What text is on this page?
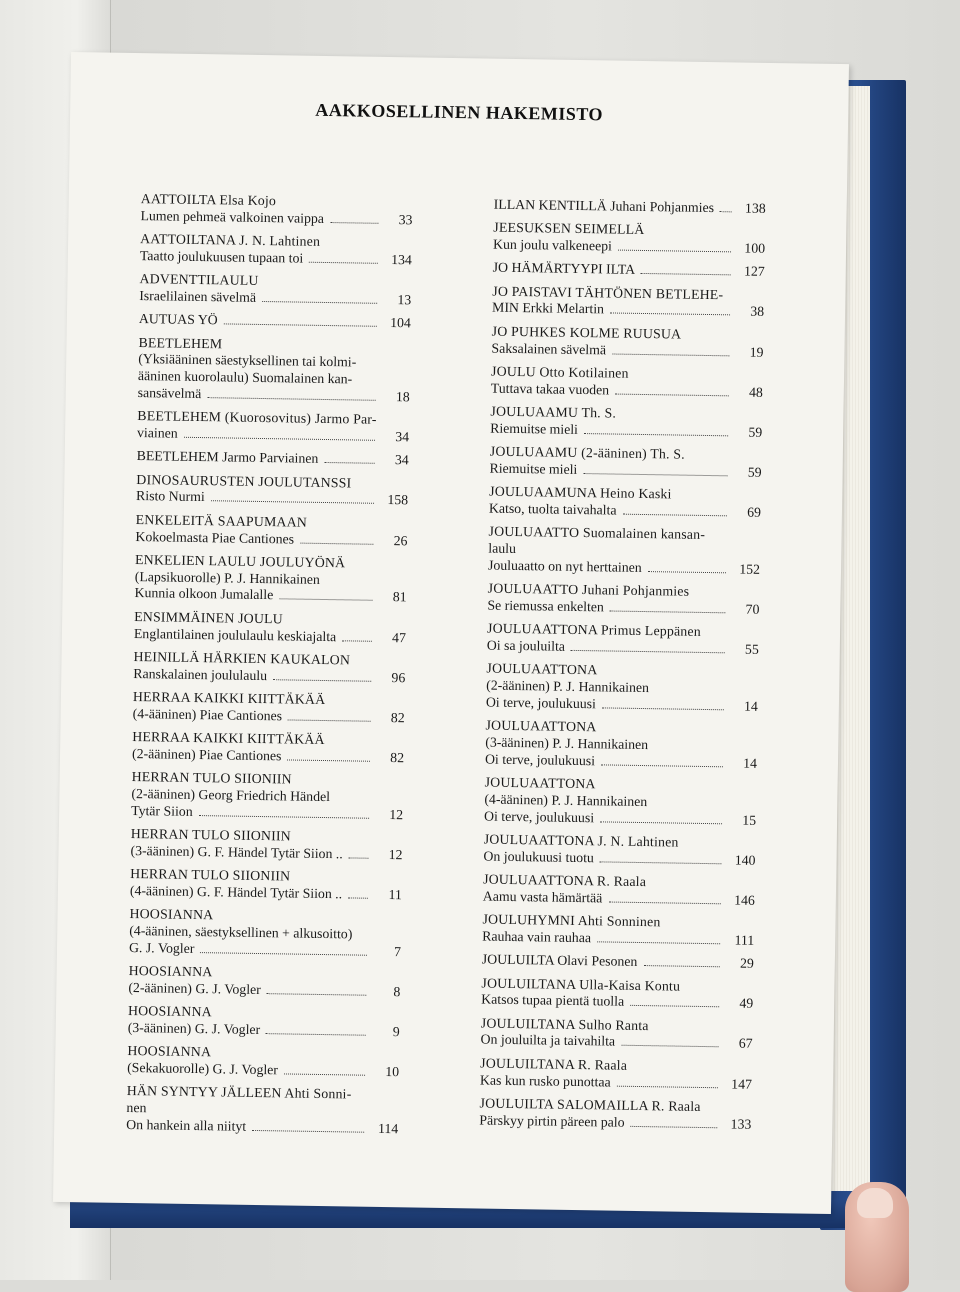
AAKKOSELLINEN HAKEMISTO
AATTOILTA Elsa Kojo
Lumen pehmeä valkoinen vaippa	33
AATTOILTANA J. N. Lahtinen
Taatto joulukuusen tupaan toi	134
ADVENTTILAULU
Israelilainen sävelmä	13
AUTUAS YÖ	104
BEETLEHEM
(Yksiääninen säestyksellinen tai kolmi-
ääninen kuorolaulu) Suomalainen kan-
sansävelmä	18
BEETLEHEM (Kuorosovitus) Jarmo Par-
viainen	34
BEETLEHEM Jarmo Parviainen	34
DINOSAURUSTEN JOULUTANSSI
Risto Nurmi	158
ENKELEITÄ SAAPUMAAN
Kokoelmasta Piae Cantiones	26
ENKELIEN LAULU JOULUYÖNÄ
(Lapsikuorolle) P. J. Hannikainen
Kunnia olkoon Jumalalle	81
ENSIMMÄINEN JOULU
Englantilainen joululaulu keskiajalta	47
HEINILLÄ HÄRKIEN KAUKALON
Ranskalainen joululaulu	96
HERRAA KAIKKI KIITTÄKÄÄ
(4-ääninen) Piae Cantiones	82
HERRAA KAIKKI KIITTÄKÄÄ
(2-ääninen) Piae Cantiones	82
HERRAN TULO SIIONIIN
(2-ääninen) Georg Friedrich Händel
Tytär Siion	12
HERRAN TULO SIIONIIN
(3-ääninen) G. F. Händel Tytär Siion ..	12
HERRAN TULO SIIONIIN
(4-ääninen) G. F. Händel Tytär Siion ..	11
HOOSIANNA
(4-ääninen, säestyksellinen + alkusoitto)
G. J. Vogler	7
HOOSIANNA
(2-ääninen) G. J. Vogler	8
HOOSIANNA
(3-ääninen) G. J. Vogler	9
HOOSIANNA
(Sekakuorolle) G. J. Vogler	10
HÄN SYNTYY JÄLLEEN Ahti Sonni-
nen
On hankein alla niityt	114
ILLAN KENTILLÄ Juhani Pohjanmies	138
JEESUKSEN SEIMELLÄ
Kun joulu valkeneepi	100
JO HÄMÄRTYYPI ILTA	127
JO PAISTAVI TÄHTÖNEN BETLEHE-
MIN Erkki Melartin	38
JO PUHKES KOLME RUUSUA
Saksalainen sävelmä	19
JOULU Otto Kotilainen
Tuttava takaa vuoden	48
JOULUAAMU Th. S.
Riemuitse mieli	59
JOULUAAMU (2-ääninen) Th. S.
Riemuitse mieli	59
JOULUAAMUNA Heino Kaski
Katso, tuolta taivahalta	69
JOULUAATTO Suomalainen kansan-
laulu
Jouluaatto on nyt herttainen	152
JOULUAATTO Juhani Pohjanmies
Se riemussa enkelten	70
JOULUAATTONA Primus Leppänen
Oi sa jouluilta	55
JOULUAATTONA
(2-ääninen) P. J. Hannikainen
Oi terve, joulukuusi	14
JOULUAATTONA
(3-ääninen) P. J. Hannikainen
Oi terve, joulukuusi	14
JOULUAATTONA
(4-ääninen) P. J. Hannikainen
Oi terve, joulukuusi	15
JOULUAATTONA J. N. Lahtinen
On joulukuusi tuotu	140
JOULUAATTONA R. Raala
Aamu vasta hämärtää	146
JOULUHYMNI Ahti Sonninen
Rauhaa vain rauhaa	111
JOULUILTA Olavi Pesonen	29
JOULUILTANA Ulla-Kaisa Kontu
Katsos tupaa pientä tuolla	49
JOULUILTANA Sulho Ranta
On jouluilta ja taivahilta	67
JOULUILTANA R. Raala
Kas kun rusko punottaa	147
JOULUILTA SALOMAILLA R. Raala
Pärskyy pirtin päreen palo	133
